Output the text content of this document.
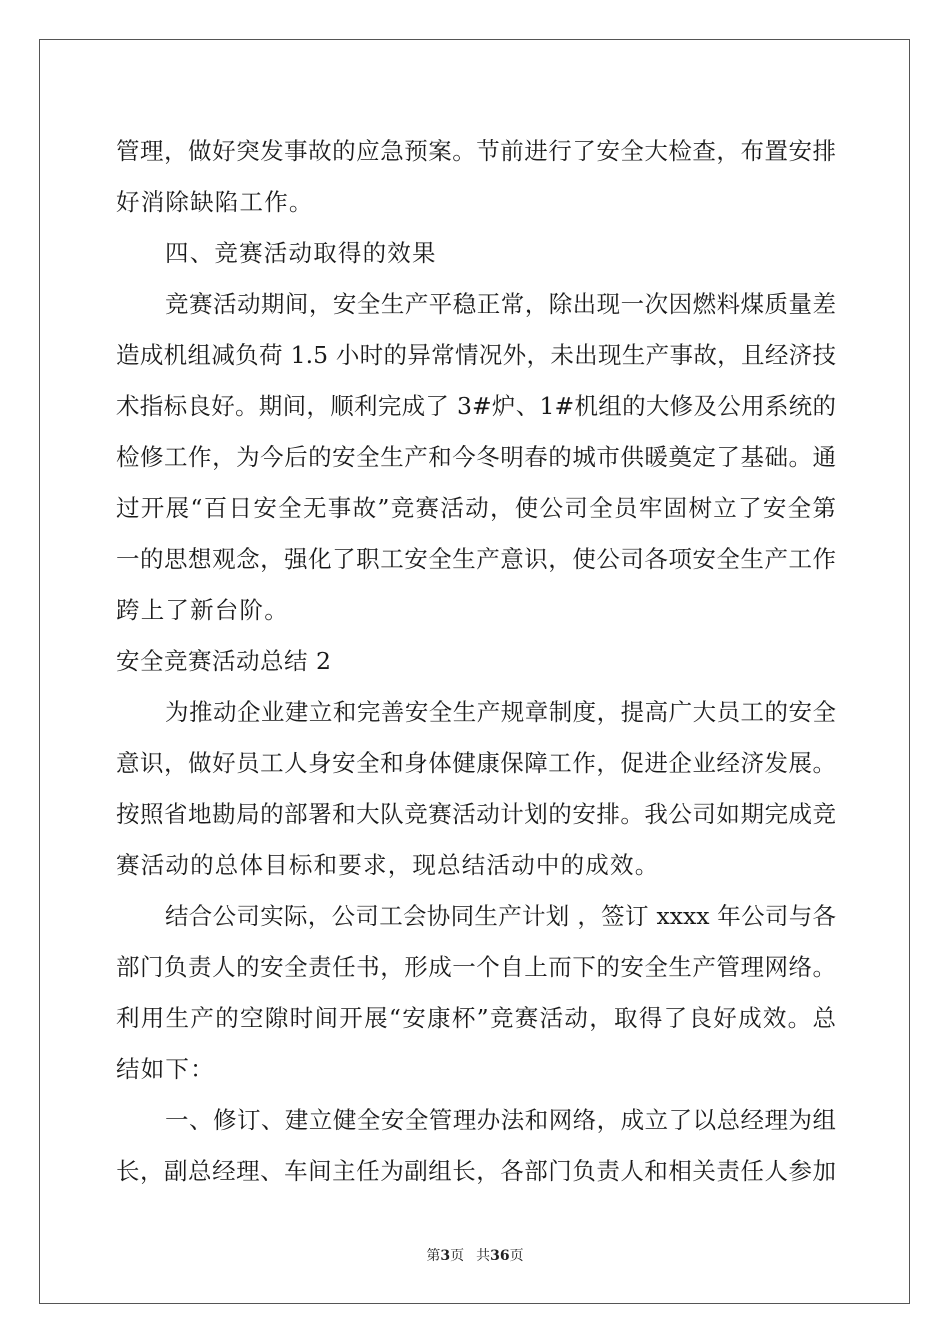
管理，做好突发事故的应急预案。节前进行了安全大检查，布置安排
好消除缺陷工作。
四、竞赛活动取得的效果
竞赛活动期间，安全生产平稳正常，除出现一次因燃料煤质量差
造成机组减负荷 1.5 小时的异常情况外，未出现生产事故，且经济技
术指标良好。期间，顺利完成了 3#炉、1#机组的大修及公用系统的
检修工作，为今后的安全生产和今冬明春的城市供暖奠定了基础。通
过开展“百日安全无事故”竞赛活动，使公司全员牢固树立了安全第
一的思想观念，强化了职工安全生产意识，使公司各项安全生产工作
跨上了新台阶。
安全竞赛活动总结 2
为推动企业建立和完善安全生产规章制度，提高广大员工的安全
意识，做好员工人身安全和身体健康保障工作，促进企业经济发展。
按照省地勘局的部署和大队竞赛活动计划的安排。我公司如期完成竞
赛活动的总体目标和要求，现总结活动中的成效。
结合公司实际，公司工会协同生产计划 ，签订 xxxx 年公司与各
部门负责人的安全责任书，形成一个自上而下的安全生产管理网络。
利用生产的空隙时间开展“安康杯”竞赛活动，取得了良好成效。总
结如下：
一、修订、建立健全安全管理办法和网络，成立了以总经理为组
长，副总经理、车间主任为副组长，各部门负责人和相关责任人参加
第3页 共36页
